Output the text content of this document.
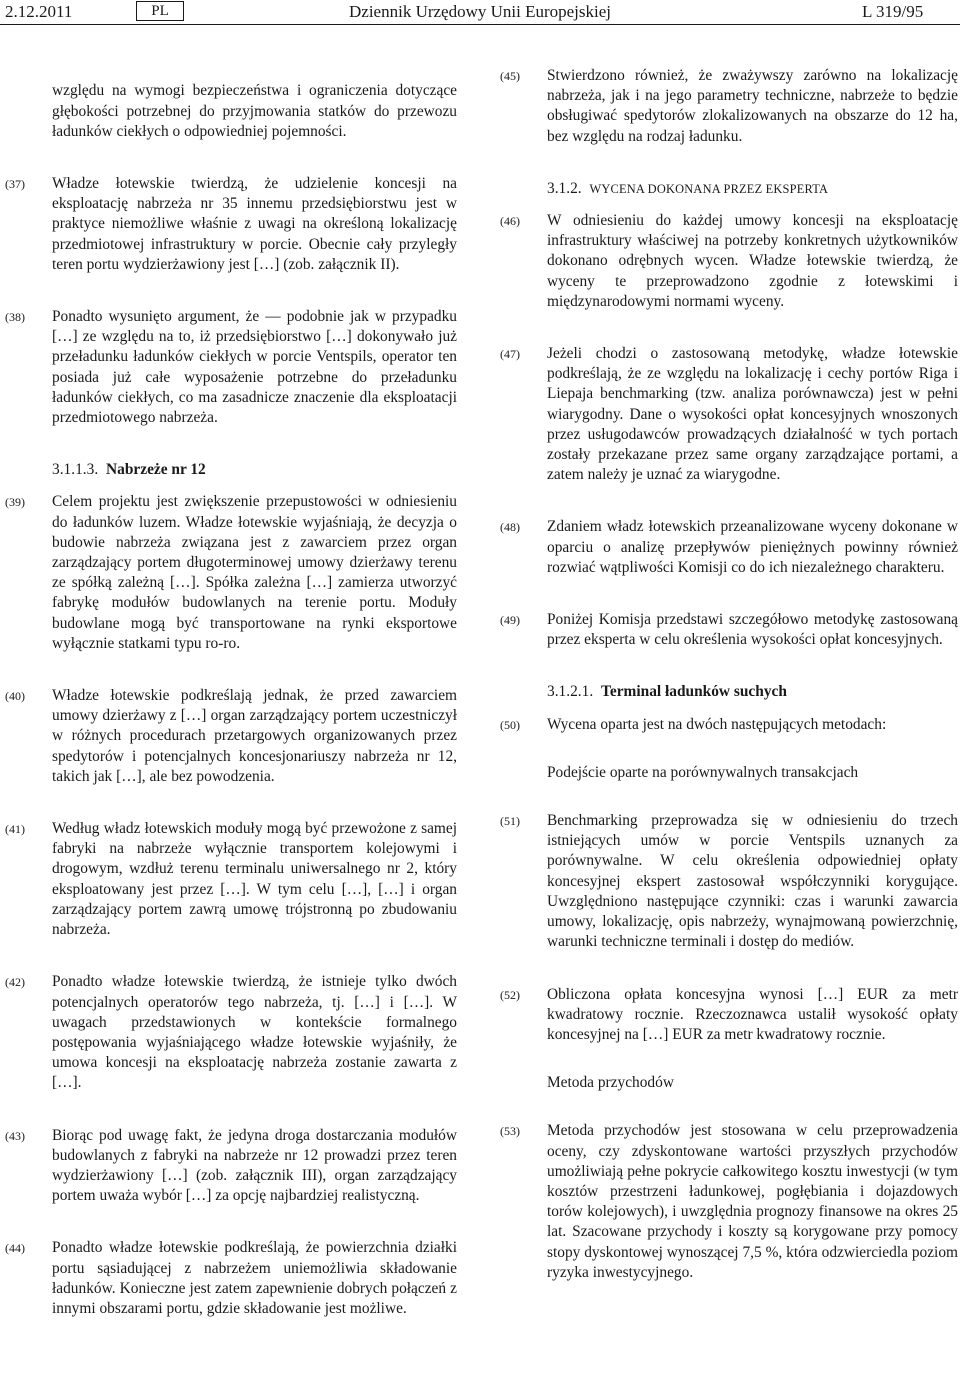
2.12.2011	PL	Dziennik Urzędowy Unii Europejskiej	L 319/95

względu na wymogi bezpieczeństwa i ograniczenia dotyczące głębokości potrzebnej do przyjmowania statków do przewozu ładunków ciekłych o odpowiedniej pojemności.

(37)	Władze łotewskie twierdzą, że udzielenie koncesji na eksploatację nabrzeża nr 35 innemu przedsiębiorstwu jest w praktyce niemożliwe właśnie z uwagi na określoną lokalizację przedmiotowej infrastruktury w porcie. Obecnie cały przyległy teren portu wydzierżawiony jest […] (zob. załącznik II).
(38)	Ponadto wysunięto argument, że — podobnie jak w przypadku […] ze względu na to, iż przedsiębiorstwo […] dokonywało już przeładunku ładunków ciekłych w porcie Ventspils, operator ten posiada już całe wyposażenie potrzebne do przeładunku ładunków ciekłych, co ma zasadnicze znaczenie dla eksploatacji przedmiotowego nabrzeża.
3.1.1.3. Nabrzeże nr 12
(39)	Celem projektu jest zwiększenie przepustowości w odniesieniu do ładunków luzem. Władze łotewskie wyjaśniają, że decyzja o budowie nabrzeża związana jest z zawarciem przez organ zarządzający portem długoterminowej umowy dzierżawy terenu ze spółką zależną […]. Spółka zależna […] zamierza utworzyć fabrykę modułów budowlanych na terenie portu. Moduły budowlane mogą być transportowane na rynki eksportowe wyłącznie statkami typu ro-ro.
(40)	Władze łotewskie podkreślają jednak, że przed zawarciem umowy dzierżawy z […] organ zarządzający portem uczestniczył w różnych procedurach przetargowych organizowanych przez spedytorów i potencjalnych koncesjonariuszy nabrzeża nr 12, takich jak […], ale bez powodzenia.
(41)	Według władz łotewskich moduły mogą być przewożone z samej fabryki na nabrzeże wyłącznie transportem kolejowymi i drogowym, wzdłuż terenu terminalu uniwersalnego nr 2, który eksploatowany jest przez […]. W tym celu […], […] i organ zarządzający portem zawrą umowę trójstronną po zbudowaniu nabrzeża.
(42)	Ponadto władze łotewskie twierdzą, że istnieje tylko dwóch potencjalnych operatorów tego nabrzeża, tj. […] i […]. W uwagach przedstawionych w kontekście formalnego postępowania wyjaśniającego władze łotewskie wyjaśniły, że umowa koncesji na eksploatację nabrzeża zostanie zawarta z […].
(43)	Biorąc pod uwagę fakt, że jedyna droga dostarczania modułów budowlanych z fabryki na nabrzeże nr 12 prowadzi przez teren wydzierżawiony […] (zob. załącznik III), organ zarządzający portem uważa wybór […] za opcję najbardziej realistyczną.
(44)	Ponadto władze łotewskie podkreślają, że powierzchnia działki portu sąsiadującej z nabrzeżem uniemożliwia składowanie ładunków. Konieczne jest zatem zapewnienie dobrych połączeń z innymi obszarami portu, gdzie składowanie jest możliwe.
(45)	Stwierdzono również, że zważywszy zarówno na lokalizację nabrzeża, jak i na jego parametry techniczne, nabrzeże to będzie obsługiwać spedytorów zlokalizowanych na obszarze do 12 ha, bez względu na rodzaj ładunku.
3.1.2. WYCENA DOKONANA PRZEZ EKSPERTA
(46)	W odniesieniu do każdej umowy koncesji na eksploatację infrastruktury właściwej na potrzeby konkretnych użytkowników dokonano odrębnych wycen. Władze łotewskie twierdzą, że wyceny te przeprowadzono zgodnie z łotewskimi i międzynarodowymi normami wyceny.
(47)	Jeżeli chodzi o zastosowaną metodykę, władze łotewskie podkreślają, że ze względu na lokalizację i cechy portów Riga i Liepaja benchmarking (tzw. analiza porównawcza) jest w pełni wiarygodny. Dane o wysokości opłat koncesyjnych wnoszonych przez usługodawców prowadzących działalność w tych portach zostały przekazane przez same organy zarządzające portami, a zatem należy je uznać za wiarygodne.
(48)	Zdaniem władz łotewskich przeanalizowane wyceny dokonane w oparciu o analizę przepływów pieniężnych powinny również rozwiać wątpliwości Komisji co do ich niezależnego charakteru.
(49)	Poniżej Komisja przedstawi szczegółowo metodykę zastosowaną przez eksperta w celu określenia wysokości opłat koncesyjnych.
3.1.2.1. Terminal ładunków suchych
(50)	Wycena oparta jest na dwóch następujących metodach:

Podejście oparte na porównywalnych transakcjach

(51)	Benchmarking przeprowadza się w odniesieniu do trzech istniejących umów w porcie Ventspils uznanych za porównywalne. W celu określenia odpowiedniej opłaty koncesyjnej ekspert zastosował współczynniki korygujące. Uwzględniono następujące czynniki: czas i warunki zawarcia umowy, lokalizację, opis nabrzeży, wynajmowaną powierzchnię, warunki techniczne terminali i dostęp do mediów.
(52)	Obliczona opłata koncesyjna wynosi […] EUR za metr kwadratowy rocznie. Rzeczoznawca ustalił wysokość opłaty koncesyjnej na […] EUR za metr kwadratowy rocznie.

Metoda przychodów

(53)	Metoda przychodów jest stosowana w celu przeprowadzenia oceny, czy zdyskontowane wartości przyszłych przychodów umożliwiają pełne pokrycie całkowitego kosztu inwestycji (w tym kosztów przestrzeni ładunkowej, pogłębiania i dojazdowych torów kolejowych), i uwzględnia prognozy finansowe na okres 25 lat. Szacowane przychody i koszty są korygowane przy pomocy stopy dyskontowej wynoszącej 7,5 %, która odzwierciedla poziom ryzyka inwestycyjnego.
